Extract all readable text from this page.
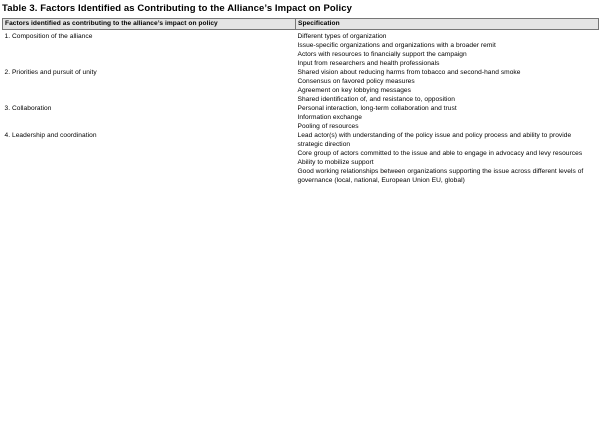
Table 3. Factors Identified as Contributing to the Alliance’s Impact on Policy
Factors identified as contributing to the alliance’s impact on policy	Specification
1. Composition of the alliance	Different types of organization
Issue-specific organizations and organizations with a broader remit
Actors with resources to financially support the campaign
Input from researchers and health professionals

2. Priorities and pursuit of unity	Shared vision about reducing harms from tobacco and second-hand smoke
Consensus on favored policy measures
Agreement on key lobbying messages
Shared identification of, and resistance to, opposition

3. Collaboration	Personal interaction, long-term collaboration and trust
Information exchange
Pooling of resources

4. Leadership and coordination	Lead actor(s) with understanding of the policy issue and policy process and ability to provide strategic direction
Core group of actors committed to the issue and able to engage in advocacy and levy resources
Ability to mobilize support
Good working relationships between organizations supporting the issue across different levels of governance (local, national, European Union EU, global)
